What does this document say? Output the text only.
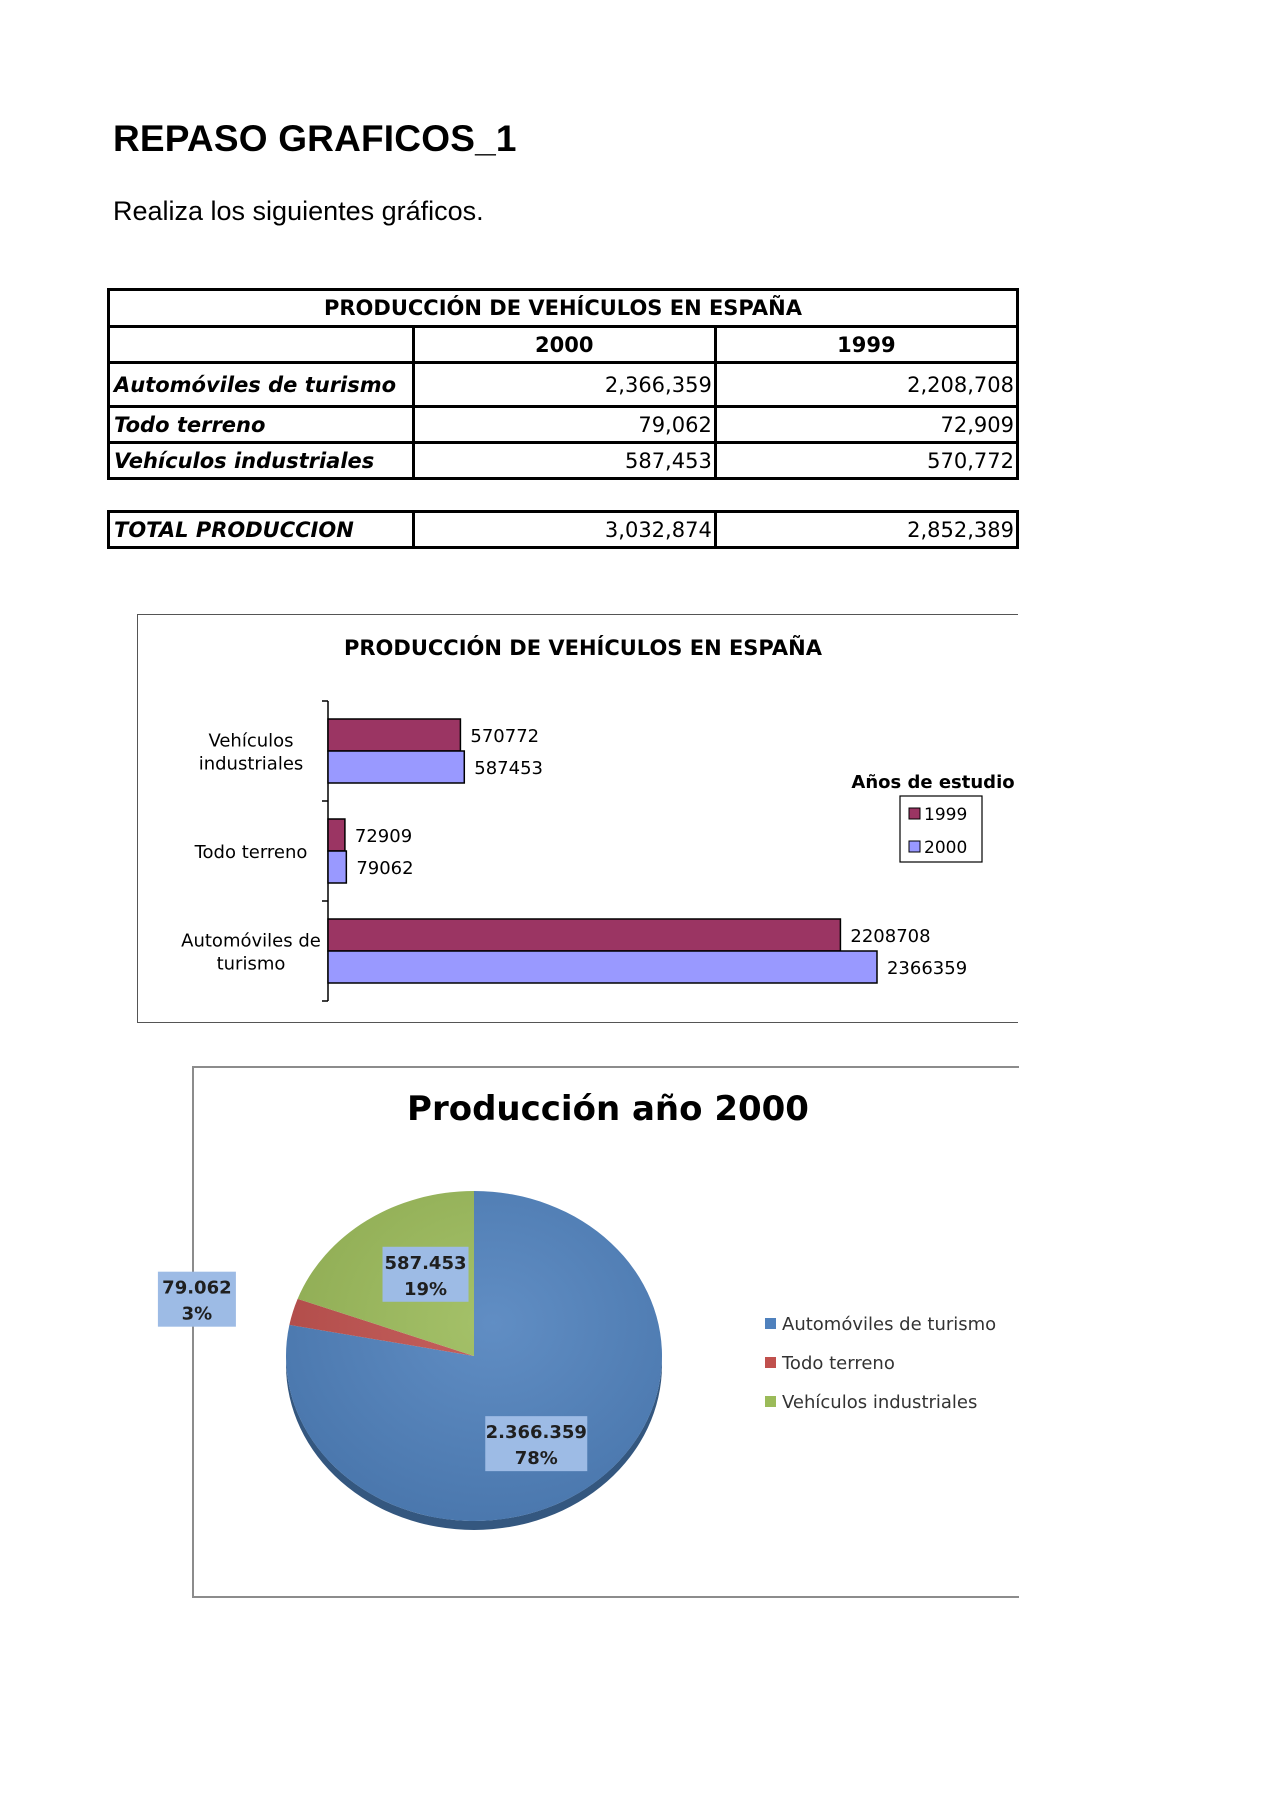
REPASO GRAFICOS_1
Realiza los siguientes gráficos.
PRODUCCIÓN DE VEHÍCULOS EN ESPAÑA		
	2000	1999
Automóviles de turismo	2,366,359	2,208,708
Todo terreno	79,062	72,909
Vehículos industriales	587,453	570,772

TOTAL PRODUCCION	3,032,874	2,852,389
PRODUCCIÓN DE VEHÍCULOS EN ESPAÑA
2208708
2366359
Automóviles de
turismo
72909
79062
Todo terreno
570772
587453
Vehículos
industriales
Años de estudio
1999
2000
Producción año 2000
2.366.359
78%
79.062
3%
587.453
19%
Automóviles de turismo
Todo terreno
Vehículos industriales
